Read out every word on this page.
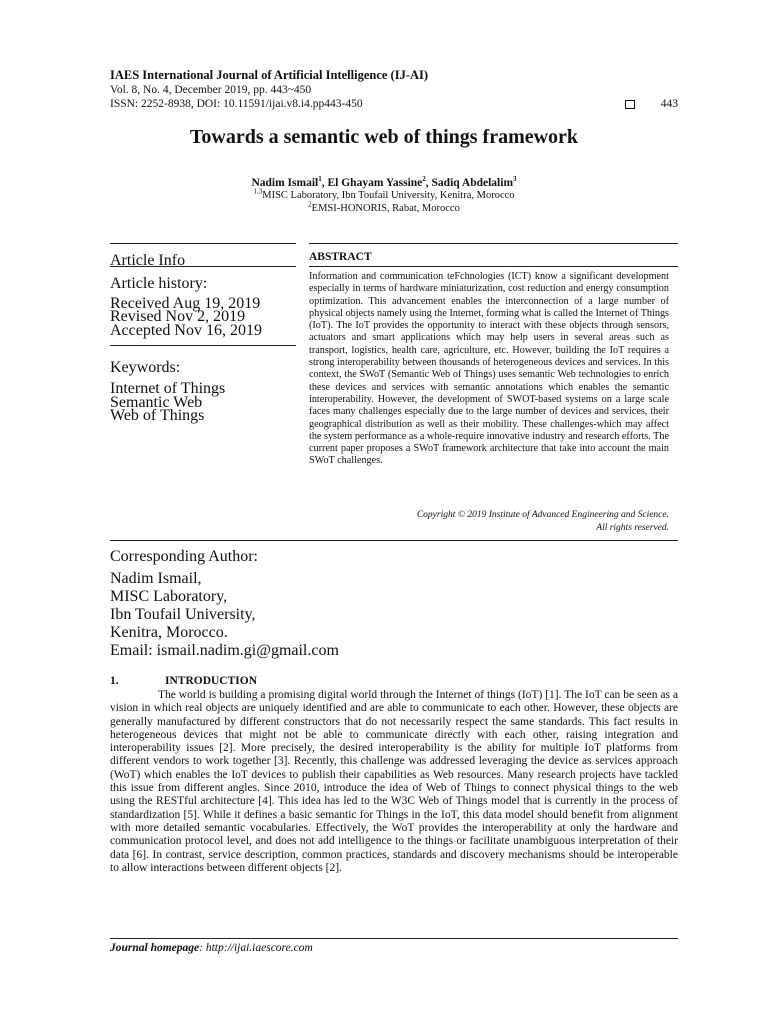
IAES International Journal of Artificial Intelligence (IJ-AI)
Vol. 8, No. 4, December 2019, pp. 443~450
ISSN: 2252-8938, DOI: 10.11591/ijai.v8.i4.pp443-450	443
Towards a semantic web of things framework
Nadim Ismail$^1$, El Ghayam Yassine$^2$, Sadiq Abdelalim$^3$
$^{1,3}$MISC Laboratory, Ibn Toufail University, Kenitra, Morocco
$^2$EMSI-HONORIS, Rabat, Morocco
Article Info
Article history:
Received Aug 19, 2019
Revised Nov 2, 2019
Accepted Nov 16, 2019
Keywords:
Internet of Things
Semantic Web
Web of Things
ABSTRACT
Information and communication teFchnologies (ICT) know a significant development especially in terms of hardware miniaturization, cost reduction and energy consumption optimization. This advancement enables the interconnection of a large number of physical objects namely using the Internet, forming what is called the Internet of Things (IoT). The IoT provides the opportunity to interact with these objects through sensors, actuators and smart applications which may help users in several areas such as transport, logistics, health care, agriculture, etc. However, building the IoT requires a strong interoperability between thousands of heterogeneous devices and services. In this context, the SWoT (Semantic Web of Things) uses semantic Web technologies to enrich these devices and services with semantic annotations which enables the semantic interoperability. However, the development of SWOT-based systems on a large scale faces many challenges especially due to the large number of devices and services, their geographical distribution as well as their mobility. These challenges-which may affect the system performance as a whole-require innovative industry and research efforts. The current paper proposes a SWoT framework architecture that take into account the main SWoT challenges.
Copyright © 2019 Institute of Advanced Engineering and Science.
All rights reserved.
Corresponding Author:
Nadim Ismail,
MISC Laboratory,
Ibn Toufail University,
Kenitra, Morocco.
Email: ismail.nadim.gi@gmail.com
1.	INTRODUCTION
The world is building a promising digital world through the Internet of things (IoT) [1]. The IoT can be seen as a vision in which real objects are uniquely identified and are able to communicate to each other. However, these objects are generally manufactured by different constructors that do not necessarily respect the same standards. This fact results in heterogeneous devices that might not be able to communicate directly with each other, raising integration and interoperability issues [2]. More precisely, the desired interoperability is the ability for multiple IoT platforms from different vendors to work together [3]. Recently, this challenge was addressed leveraging the device as services approach (WoT) which enables the IoT devices to publish their capabilities as Web resources. Many research projects have tackled this issue from different angles. Since 2010, introduce the idea of Web of Things to connect physical things to the web using the RESTful architecture [4]. This idea has led to the W3C Web of Things model that is currently in the process of standardization [5]. While it defines a basic semantic for Things in the IoT, this data model should benefit from alignment with more detailed semantic vocabularies. Effectively, the WoT provides the interoperability at only the hardware and communication protocol level, and does not add intelligence to the things or facilitate unambiguous interpretation of their data [6]. In contrast, service description, common practices, standards and discovery mechanisms should be interoperable to allow interactions between different objects [2].
Journal homepage: http://ijai.iaescore.com
